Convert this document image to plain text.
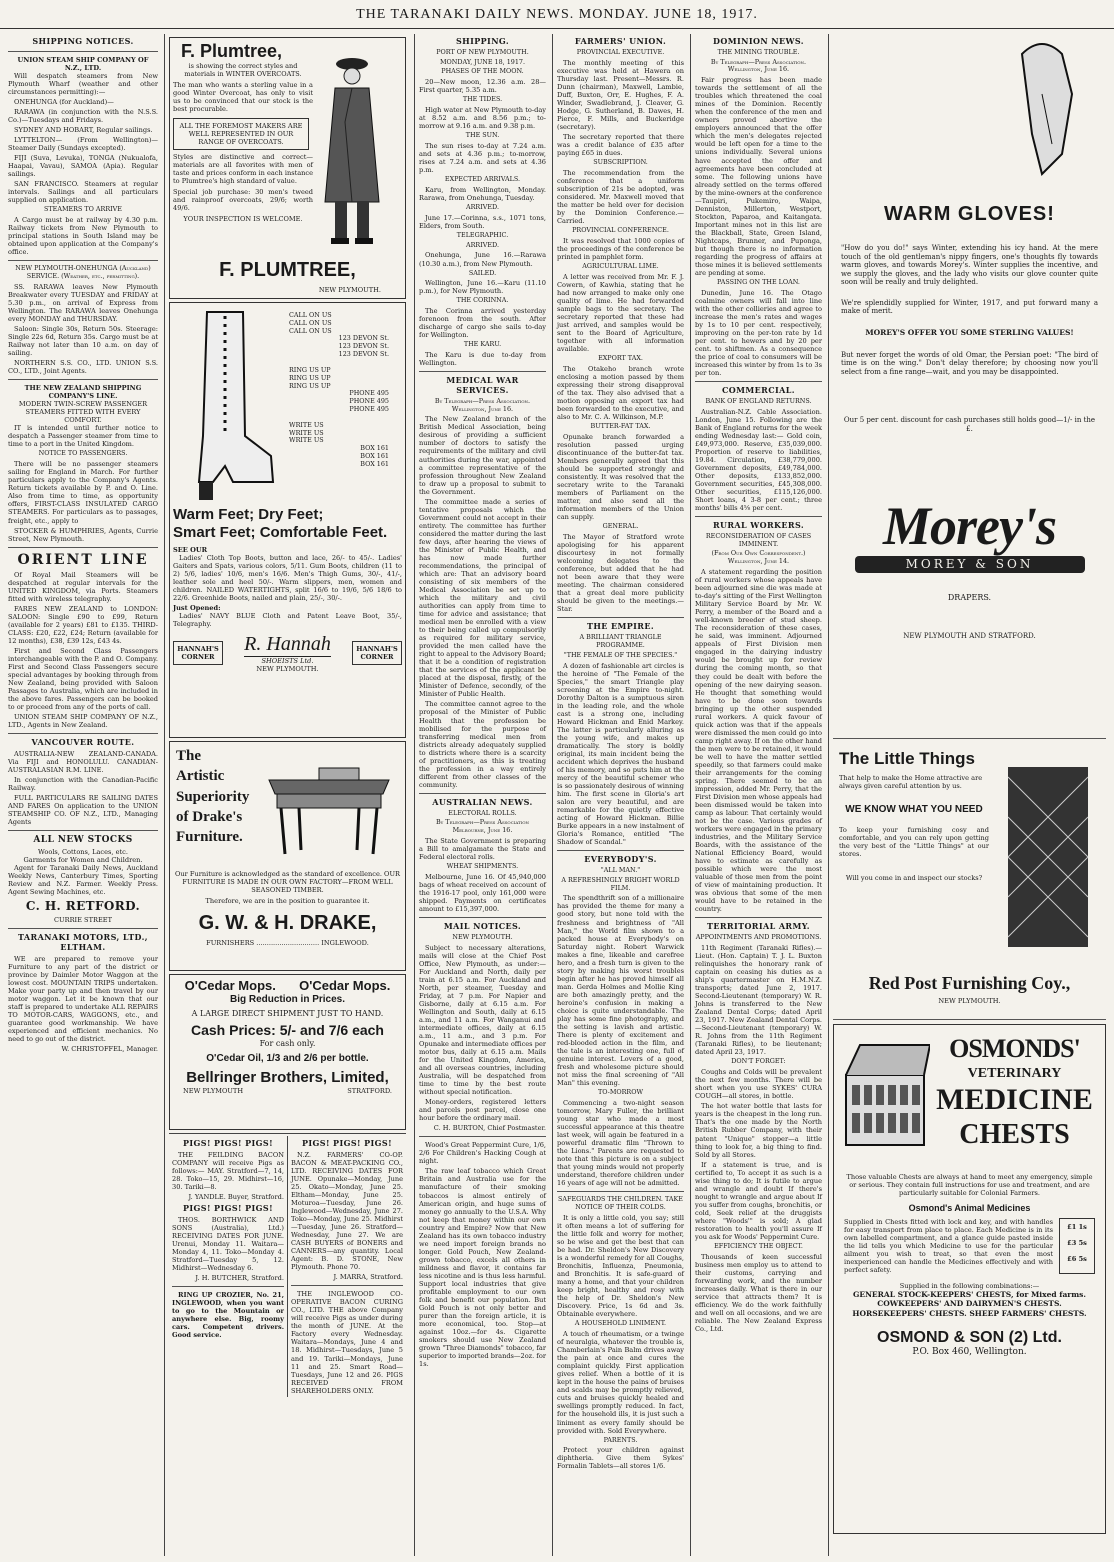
THE TARANAKI DAILY NEWS. MONDAY. JUNE 18, 1917.
SHIPPING NOTICES.
UNION STEAM SHIP COMPANY OF N.Z., LTD.

Will despatch steamers from New Plymouth Wharf (weather and other circumstances permitting):—

ONEHUNGA (for Auckland)—

RARAWA (in conjunction with the N.S.S. Co.)—Tuesdays and Fridays.

SYDNEY AND HOBART, Regular sailings.

LYTTELTON— (From Wellington)— Steamer Daily (Sundays excepted).

FIJI (Suva, Levuka), TONGA (Nukualofa, Haapai, Vavau), SAMOA (Apia). Regular sailings.

SAN FRANCISCO. Steamers at regular intervals. Sailings and all particulars supplied on application.

STEAMERS TO ARRIVE

A Cargo must be at railway by 4.30 p.m. Railway tickets from New Plymouth to principal stations in South Island may be obtained upon application at the Company's office.

NEW PLYMOUTH-ONEHUNGA (Auckland) SERVICE. (Weather, etc., permitting).

SS. RARAWA leaves New Plymouth Breakwater every TUESDAY and FRIDAY at 5.30 p.m., on arrival of Express from Wellington. The RARAWA leaves Onehunga every MONDAY and THURSDAY.

Saloon: Single 30s, Return 50s. Steerage: Single 22s 6d, Return 35s. Cargo must be at Railway not later than 10 a.m. on day of sailing.

NORTHERN S.S. CO., LTD. UNION S.S. CO., LTD., Joint Agents.

THE NEW ZEALAND SHIPPING COMPANY'S LINE.
MODERN TWIN-SCREW PASSENGER STEAMERS FITTED WITH EVERY COMFORT.

IT is intended until further notice to despatch a Passenger steamer from time to time to a port in the United Kingdom.

NOTICE TO PASSENGERS.

There will be no passenger steamers sailing for England in March. For further particulars apply to the Company's Agents. Return tickets available by P. and O. Line. Also from time to time, as opportunity offers, FIRST-CLASS INSULATED CARGO STEAMERS. For particulars as to passages, freight, etc., apply to

STOCKER & HUMPHRIES, Agents, Currie Street, New Plymouth.

ORIENT LINE

Of Royal Mail Steamers will be despatched at regular intervals for the UNITED KINGDOM, via Ports. Steamers fitted with wireless telegraphy.

FARES NEW ZEALAND to LONDON: SALOON: Single £90 to £99, Return (available for 2 years) £81 to £135. THIRD-CLASS: £20, £22, £24; Return (available for 12 months), £38, £39 12s, £43 4s.

First and Second Class Passengers interchangeable with the P. and O. Company. First and Second Class Passengers secure special advantages by booking through from New Zealand, being provided with Saloon Passages to Australia, which are included in the above fares. Passengers can be booked to or proceed from any of the ports of call.

UNION STEAM SHIP COMPANY OF N.Z., LTD., Agents in New Zealand.

VANCOUVER ROUTE.

AUSTRALIA-NEW ZEALAND-CANADA. Via FIJI and HONOLULU. CANADIAN-AUSTRALASIAN R.M. LINE.

In conjunction with the Canadian-Pacific Railway.

FULL PARTICULARS RE SAILING DATES AND FARES On application to the UNION STEAMSHIP CO. OF N.Z., LTD., Managing Agents

ALL NEW STOCKS
Wools, Cottons, Laces, etc.
Garments for Women and Children.

Agent for Taranaki Daily News, Auckland Weekly News, Canterbury Times, Sporting Review and N.Z. Farmer. Weekly Press. Agent Sewing Machines, etc.

C. H. RETFORD.
CURRIE STREET
TARANAKI MOTORS, LTD., ELTHAM.

WE are prepared to remove your Furniture to any part of the district or province by Daimler Motor Waggon at the lowest cost. MOUNTAIN TRIPS undertaken. Make your party up and then travel by our motor waggon. Let it be known that our staff is prepared to undertake ALL REPAIRS TO MOTOR-CARS, WAGGONS, etc., and guarantee good workmanship. We have experienced and efficient mechanics. No need to go out of the district.

W. CHRISTOFFEL, Manager.
F. Plumtree,
is showing the correct styles and materials in WINTER OVERCOATS.
The man who wants a sterling value in a good Winter Overcoat, has only to visit us to be convinced that our stock is the best procurable.
ALL THE FOREMOST MAKERS ARE WELL REPRESENTED IN OUR RANGE OF OVERCOATS.
Styles are distinctive and correct—materials are all favorites with men of taste and prices conform in each instance to Plumtree's high standard of value.
Special job purchase: 30 men's tweed and rainproof overcoats, 29/6; worth 49/6.
YOUR INSPECTION IS WELCOME.
F. PLUMTREE,
NEW PLYMOUTH.
CALL ON US
CALL ON US
CALL ON US
123 DEVON St.
123 DEVON St.
123 DEVON St.
RING US UP
RING US UP
RING US UP
PHONE 495
PHONE 495
PHONE 495
WRITE US
WRITE US
WRITE US
BOX 161
BOX 161
BOX 161
Warm Feet; Dry Feet;
Smart Feet; Comfortable Feet.
SEE OUR

Ladies' Cloth Top Boots, button and lace, 26/- to 45/-. Ladies' Gaiters and Spats, various colors, 5/11. Gum Boots, children (11 to 2) 5/6, ladies' 10/6, men's 16/6. Men's Thigh Gums, 30/-, 41/-, leather sole and heel 50/-. Warm slippers, men, women and children. NAILED WATERTIGHTS, split 16/6 to 19/6, 5/6 18/6 to 22/6. Greenhide Boots, nailed and plain, 25/-, 30/-.

Just Opened:

Ladies' NAVY BLUE Cloth and Patent Leave Boot, 35/-, Telegraphy.

HANNAH'S CORNER
R. Hannah
SHOEISTS Ltd.
NEW PLYMOUTH.
HANNAH'S CORNER
The
Artistic
Superiority
of Drake's
Furniture.
Our Furniture is acknowledged as the standard of excellence. OUR FURNITURE IS MADE IN OUR OWN FACTORY—FROM WELL SEASONED TIMBER.
Therefore, we are in the position to guarantee it.
G. W. & H. DRAKE,
FURNISHERS .............................. INGLEWOOD.
O'Cedar Mops. O'Cedar Mops.
Big Reduction in Prices.
A LARGE DIRECT SHIPMENT JUST TO HAND.
Cash Prices: 5/- and 7/6 each
For cash only.
O'Cedar Oil, 1/3 and 2/6 per bottle.
Bellringer Brothers, Limited,
NEW PLYMOUTH	STRATFORD.
PIGS! PIGS! PIGS!

THE FEILDING BACON COMPANY will receive Pigs as follows:— MAY. Stratford—7, 14, 28. Toko—15, 29. Midhirst—16, 30. Tariki—8.

J. YANDLE. Buyer, Stratford.
PIGS! PIGS! PIGS!

THOS. BORTHWICK AND SONS (Australia), Ltd.) RECEIVING DATES FOR JUNE. Urenui, Monday 11. Waitara—Monday 4, 11. Toko—Monday 4. Stratford—Tuesday 5, 12. Midhirst—Wednesday 6.

J. H. BUTCHER, Stratford.

RING UP CROZIER, No. 21, INGLEWOOD, when you want to go to the Mountain or anywhere else. Big, roomy cars. Competent drivers. Good service.

PIGS! PIGS! PIGS!

N.Z. FARMERS' CO-OP. BACON & MEAT-PACKING CO., LTD. RECEIVING DATES FOR JUNE. Opunake—Monday, June 25. Okato—Monday, June 25. Eltham—Monday, June 25. Moturoa—Tuesday, June 26. Inglewood—Wednesday, June 27. Toko—Monday, June 25. Midhirst—Tuesday, June 26. Stratford—Wednesday, June 27. We are CASH BUYERS of BONERS and CANNERS—any quantity. Local Agent: B. D. STONE, New Plymouth. Phone 70.

J. MARRA, Stratford.

THE INGLEWOOD CO-OPERATIVE BACON CURING CO., LTD. THE above Company will receive Pigs as under during the month of JUNE. At the Factory every Wednesday. Waitara—Mondays, June 4 and 18. Midhirst—Tuesdays, June 5 and 19. Tariki—Mondays, June 11 and 25. Smart Road—Tuesdays, June 12 and 26. PIGS RECEIVED FROM SHAREHOLDERS ONLY.

SHIPPING.
PORT OF NEW PLYMOUTH.
MONDAY, JUNE 18, 1917.
PHASES OF THE MOON.

20—New moon, 12.36 a.m. 28—First quarter, 5.35 a.m.

THE TIDES.

High water at New Plymouth to-day at 8.52 a.m. and 8.56 p.m.; to-morrow at 9.16 a.m. and 9.38 p.m.

THE SUN.

The sun rises to-day at 7.24 a.m. and sets at 4.36 p.m.; to-morrow, rises at 7.24 a.m. and sets at 4.36 p.m.

EXPECTED ARRIVALS.

Karu, from Wellington, Monday. Rarawa, from Onehunga, Tuesday.

ARRIVED.

June 17.—Corinna, s.s., 1071 tons, Elders, from South.

TELEGRAPHIC.
ARRIVED.

Onehunga, June 16.—Rarawa (10.30 a.m.), from New Plymouth.

SAILED.

Wellington, June 16.—Karu (11.10 p.m.), for New Plymouth.

THE CORINNA.

The Corinna arrived yesterday forenoon from the south. After discharge of cargo she sails to-day for Wellington.

THE KARU.

The Karu is due to-day from Wellington.

MEDICAL WAR SERVICES.
By Telegraph—Press Association. Wellington, June 16.

The New Zealand branch of the British Medical Association, being desirous of providing a sufficient number of doctors to satisfy the requirements of the military and civil authorities during the war, appointed a committee representative of the profession throughout New Zealand to draw up a proposal to submit to the Government.

The committee made a series of tentative proposals which the Government could not accept in their entirety. The committee has further considered the matter during the last few days, after hearing the views of the Minister of Public Health, and has now made further recommendations, the principal of which are: That an advisory board consisting of six members of the Medical Association be set up to which the military and civil authorities can apply from time to time for advice and assistance; that medical men be enrolled with a view to their being called up compulsorily as required for military service, provided the men called have the right to appeal to the Advisory Board; that it be a condition of registration that the services of the applicant be placed at the disposal, firstly, of the Minister of Defence, secondly, of the Minister of Public Health.

The committee cannot agree to the proposal of the Minister of Public Health that the profession be mobilised for the purpose of transferring medical men from districts already adequately supplied to districts where there is a scarcity of practitioners, as this is treating the profession in a way entirely different from other classes of the community.

AUSTRALIAN NEWS.
ELECTORAL ROLLS.
By Telegraph—Press Association Melbourne, June 16.

The State Government is preparing a Bill to amalgamate the State and Federal electoral rolls.

WHEAT SHIPMENTS.

Melbourne, June 16. Of 45,940,000 bags of wheat received on account of the 1916-17 pool, only 161,000 were shipped. Payments on certificates amount to £15,397,000.

MAIL NOTICES.
NEW PLYMOUTH.

Subject to necessary alterations, mails will close at the Chief Post Office, New Plymouth, as under:— For Auckland and North, daily per train at 6.15 a.m. For Auckland and North, per steamer, Tuesday and Friday, at 7 p.m. For Napier and Gisborne, daily at 6.15 a.m. For Wellington and South, daily at 6.15 a.m., and 11 a.m. For Wanganui and intermediate offices, daily at 6.15 a.m., 11 a.m., and 3 p.m. For Opunake and intermediate offices per motor bus, daily at 6.15 a.m. Mails for the United Kingdom, America, and all overseas countries, including Australia, will be despatched from time to time by the best route without special notification.

Money-orders, registered letters and parcels post parcel, close one hour before the ordinary mail.

C. H. BURTON, Chief Postmaster.

Wood's Great Peppermint Cure, 1/6, 2/6 For Children's Hacking Cough at night.

The raw leaf tobacco which Great Britain and Australia use for the manufacture of their smoking tobaccos is almost entirely of American origin, and huge sums of money go annually to the U.S.A. Why not keep that money within our own country and Empire? Now that New Zealand has its own tobacco industry we need import foreign brands no longer. Gold Pouch, New Zealand-grown tobacco, excels all others in mildness and flavor, it contains far less nicotine and is thus less harmful. Support local industries that give profitable employment to our own folk and benefit our population. But Gold Pouch is not only better and purer than the foreign article, it is more economical, too. Stop—at against 10oz.—for 4s. Cigarette smokers should use New Zealand grown "Three Diamonds" tobacco, far superior to imported brands—2oz. for 1s.

FARMERS' UNION.
PROVINCIAL EXECUTIVE.

The monthly meeting of this executive was held at Hawera on Thursday last. Present—Messrs. R. Dunn (chairman), Maxwell, Lambie, Duff, Buxton, Orr, E. Hughes, F. A. Winder, Swadlebrand, J. Cleaver, G. Hodge, G. Sutherland, B. Dawes, H. Pierce, F. Mills, and Buckeridge (secretary).

The secretary reported that there was a credit balance of £35 after paying £65 in dues.

SUBSCRIPTION.

The recommendation from the conference that a uniform subscription of 21s be adopted, was considered. Mr. Maxwell moved that the matter be held over for decision by the Dominion Conference.—Carried.

PROVINCIAL CONFERENCE.

It was resolved that 1000 copies of the proceedings of the conference be printed in pamphlet form.

AGRICULTURAL LIME.

A letter was received from Mr. F. J. Cowern, of Kawhia, stating that he had now arranged to make only one quality of lime. He had forwarded sample bags to the secretary. The secretary reported that these had just arrived, and samples would be sent to the Board of Agriculture, together with all information available.

EXPORT TAX.

The Otakeho branch wrote enclosing a motion passed by them expressing their strong disapproval of the tax. They also advised that a motion opposing an export tax had been forwarded to the executive, and also to Mr. C. A. Wilkinson, M.P.

BUTTER-FAT TAX.

Opunake branch forwarded a resolution passed urging discontinuance of the butter-fat tax. Members generally agreed that this should be supported strongly and consistently. It was resolved that the secretary write to the Taranaki members of Parliament on the matter, and also send all the information members of the Union can supply.

GENERAL.

The Mayor of Stratford wrote apologising for his apparent discourtesy in not formally welcoming delegates to the conference, but added that he had not been aware that they were meeting. The chairman considered that a great deal more publicity should be given to the meetings.—Star.

THE EMPIRE.
A BRILLIANT TRIANGLE PROGRAMME.
"THE FEMALE OF THE SPECIES."

A dozen of fashionable art circles is the heroine of "The Female of the Species," the smart Triangle play screening at the Empire to-night. Dorothy Dalton is a sumptuous siren in the leading role, and the whole cast is a strong one, including Howard Hickman and Enid Markey. The latter is particularly alluring as the young wife, and makes up dramatically. The story is boldly original, its main incident being the accident which deprives the husband of his memory, and so puts him at the mercy of the beautiful schemer who is so passionately desirous of winning him. The first scene in Gloria's art salon are very beautiful, and are remarkable for the quietly effective acting of Howard Hickman. Billie Burke appears in a new instalment of Gloria's Romance, entitled "The Shadow of Scandal."

EVERYBODY'S.
"ALL MAN."
A REFRESHINGLY BRIGHT WORLD FILM.

The spendthrift son of a millionaire has provided the theme for many a good story, but none told with the freshness and brightness of "All Man," the World film shown to a packed house at Everybody's on Saturday night. Robert Warwick makes a fine, likeable and carefree hero, and a fresh turn is given to the story by making his worst troubles begin after he has proved himself all man. Gerda Holmes and Mollie King are both amazingly pretty, and the heroine's confusion in making a choice is quite understandable. The play has some fine photography, and the setting is lavish and artistic. There is plenty of excitement and red-blooded action in the film, and the tale is an interesting one, full of genuine interest. Lovers of a good, fresh and wholesome picture should not miss the final screening of "All Man" this evening.

TO-MORROW

Commencing a two-night season tomorrow, Mary Fuller, the brilliant young star who made a most successful appearance at this theatre last week, will again be featured in a powerful dramatic film "Thrown to the Lions." Parents are requested to note that this picture is on a subject that young minds would not properly understand, therefore children under 16 years of age will not be admitted.

SAFEGUARDS THE CHILDREN. TAKE NOTICE OF THEIR COLDS.

It is only a little cold, you say; still it often means a lot of suffering for the little folk and worry for mother, so be wise and get the best that can be had. Dr. Sheldon's New Discovery is a wonderful remedy for all Coughs, Bronchitis, Influenza, Pneumonia, and Bronchitis. It is safe-guard of many a home, and that your children keep bright, healthy and rosy with the help of Dr. Sheldon's New Discovery. Price, 1s 6d and 3s. Obtainable everywhere.

A HOUSEHOLD LINIMENT.

A touch of rheumatism, or a twinge of neuralgia, whatever the trouble is, Chamberlain's Pain Balm drives away the pain at once and cures the complaint quickly. First application gives relief. When a bottle of it is kept in the house the pains of bruises and scalds may be promptly relieved, cuts and bruises quickly healed and swellings promptly reduced. In fact, for the household ills, it is just such a liniment as every family should be provided with. Sold Everywhere.

PARENTS.

Protect your children against diphtheria. Give them Sykes' Formalin Tablets—all stores 1/6.

DOMINION NEWS.
THE MINING TROUBLE.
By Telegraph—Press Association. Wellington, June 16.

Fair progress has been made towards the settlement of all the troubles which threatened the coal mines of the Dominion. Recently when the conference of the men and owners proved abortive the employers announced that the offer which the men's delegates rejected would be left open for a time to the unions individually. Several unions have accepted the offer and agreements have been concluded at some. The following unions have already settled on the terms offered by the mine-owners at the conference—Taupiri, Pukemiro, Waipa, Denniston, Millerton, Westport, Stockton, Paparoa, and Kaitangata. Important mines not in this list are the Blackball, State, Green Island, Nightcaps, Brunner, and Puponga, but though there is no information regarding the progress of affairs at those mines it is believed settlements are pending at some.

PASSING ON THE LOAN.

Dunedin, June 16. The Otago coalmine owners will fall into line with the other collieries and agree to increase the men's rates and wages by 1s to 10 per cent. respectively, improving on the per-ton rate by 1d per cent. to hewers and by 20 per cent. to shiftmen. As a consequence the price of coal to consumers will be increased this winter by from 1s to 3s per ton.

COMMERCIAL.
BANK OF ENGLAND RETURNS.

Australian-N.Z. Cable Association. London, June 15. Following are the Bank of England returns for the week ending Wednesday last:— Gold coin, £49,973,000. Reserve, £35,039,000. Proportion of reserve to liabilities, 19.84. Circulation, £38,779,000. Government deposits, £49,784,000. Other deposits, £133,852,000. Government securities, £45,308,000. Other securities, £115,126,000. Short loans, 4 3-8 per cent.; three months' bills 4⅝ per cent.

RURAL WORKERS.
RECONSIDERATION OF CASES IMMINENT.
(From Our Own Correspondent.) Wellington, June 14.

A statement regarding the position of rural workers whose appeals have been adjourned sine die was made at to-day's sitting of the First Wellington Military Service Board by Mr. W. Perry, a member of the Board and a well-known breeder of stud sheep. The reconsideration of these cases, he said, was imminent. Adjourned appeals of First Division men engaged in the dairying industry would be brought up for review during the coming month, so that they could be dealt with before the opening of the new dairying season. He thought that something would have to be done soon towards bringing up the other suspended rural workers. A quick favour of quick action was that if the appeals were dismissed the men could go into camp right away. If on the other hand the men were to be retained, it would be well to have the matter settled speedily, so that farmers could make their arrangements for the coming spring. There seemed to be an impression, added Mr. Perry, that the First Division men whose appeals had been dismissed would be taken into camp as labour. That certainly would not be the case. Various grades of workers were engaged in the primary industries, and the Military Service Boards, with the assistance of the National Efficiency Board, would have to estimate as carefully as possible which were the most valuable of those men from the point of view of maintaining production. It was obvious that some of the men would have to be retained in the country.

TERRITORIAL ARMY.
APPOINTMENTS AND PROMOTIONS.

11th Regiment (Taranaki Rifles).—Lieut. (Hon. Captain) T. J. L. Buxton relinquishes the honorary rank of captain on ceasing his duties as a ship's quartermaster on H.M.N.Z. transports; dated June 2, 1917. Second-Lieutenant (temporary) W. R. Johns is transferred to the New Zealand Dental Corps; dated April 23, 1917. New Zealand Dental Corps.—Second-Lieutenant (temporary) W. R. Johns from the 11th Regiment (Taranaki Rifles), to be lieutenant; dated April 23, 1917.

DON'T FORGET:

Coughs and Colds will be prevalent the next few months. There will be short when you use SYKES' CURA COUGH—all stores, in bottle.

The hot water bottle that lasts for years is the cheapest in the long run. That's the one made by the North British Rubber Company, with their patent "Unique" stopper—a little thing to look for, a big thing to find. Sold by all Stores.

If a statement is true, and is certified to, To accept it as such is a wise thing to do; It is futile to argue and wrangle and doubt If there's nought to wrangle and argue about If you suffer from coughs, bronchitis, or cold, Seek relief at the druggists where "Woods'" is sold; A glad restoration to health you'll assure If you ask for Woods' Peppermint Cure.

EFFICIENCY THE OBJECT.

Thousands of keen successful business men employ us to attend to their customs, carrying and forwarding work, and the number increases daily. What is there in our service that attracts them? It is efficiency. We do the work faithfully and well on all occasions, and we are reliable. The New Zealand Express Co., Ltd.

WARM GLOVES!
"How do you do!" says Winter, extending his icy hand. At the mere touch of the old gentleman's nippy fingers, one's thoughts fly towards warm gloves, and towards Morey's. Winter supplies the incentive, and we supply the gloves, and the lady who visits our glove counter quite soon will be really and truly delighted.
We're splendidly supplied for Winter, 1917, and put forward many a make of merit.
MOREY'S OFFER YOU SOME STERLING VALUES!
But never forget the words of old Omar, the Persian poet: "The bird of time is on the wing." Don't delay therefore; by choosing now you'll select from a fine range—wait, and you may be disappointed.
Our 5 per cent. discount for cash purchases still holds good—1/- in the £.
Morey's
MOREY & SON
DRAPERS.
NEW PLYMOUTH AND STRATFORD.
The Little Things
That help to make the Home attractive are always given careful attention by us.
WE KNOW WHAT YOU NEED
To keep your furnishing cosy and comfortable, and you can rely upon getting the very best of the "Little Things" at our stores.
Will you come in and inspect our stocks?
Red Post Furnishing Coy.,
NEW PLYMOUTH.
OSMONDS'
VETERINARY
MEDICINE
CHESTS
Those valuable Chests are always at hand to meet any emergency, simple or serious. They contain full instructions for use and treatment, and are particularly suitable for Colonial Farmers.
Osmond's Animal Medicines
Supplied in Chests fitted with lock and key, and with handles for easy transport from place to place. Each Medicine is in its own labelled compartment, and a glance guide pasted inside the lid tells you which Medicine to use for the particular ailment you wish to treat, so that even the most inexperienced can handle the Medicines effectively and with perfect safety.
£1 1s
£3 5s
£6 5s
Supplied in the following combinations:—
GENERAL STOCK-KEEPERS' CHESTS, for Mixed farms. COWKEEPERS' AND DAIRYMEN'S CHESTS. HORSEKEEPERS' CHESTS. SHEEP FARMERS' CHESTS.
OSMOND & SON (2) Ltd.
P.O. Box 460, Wellington.
